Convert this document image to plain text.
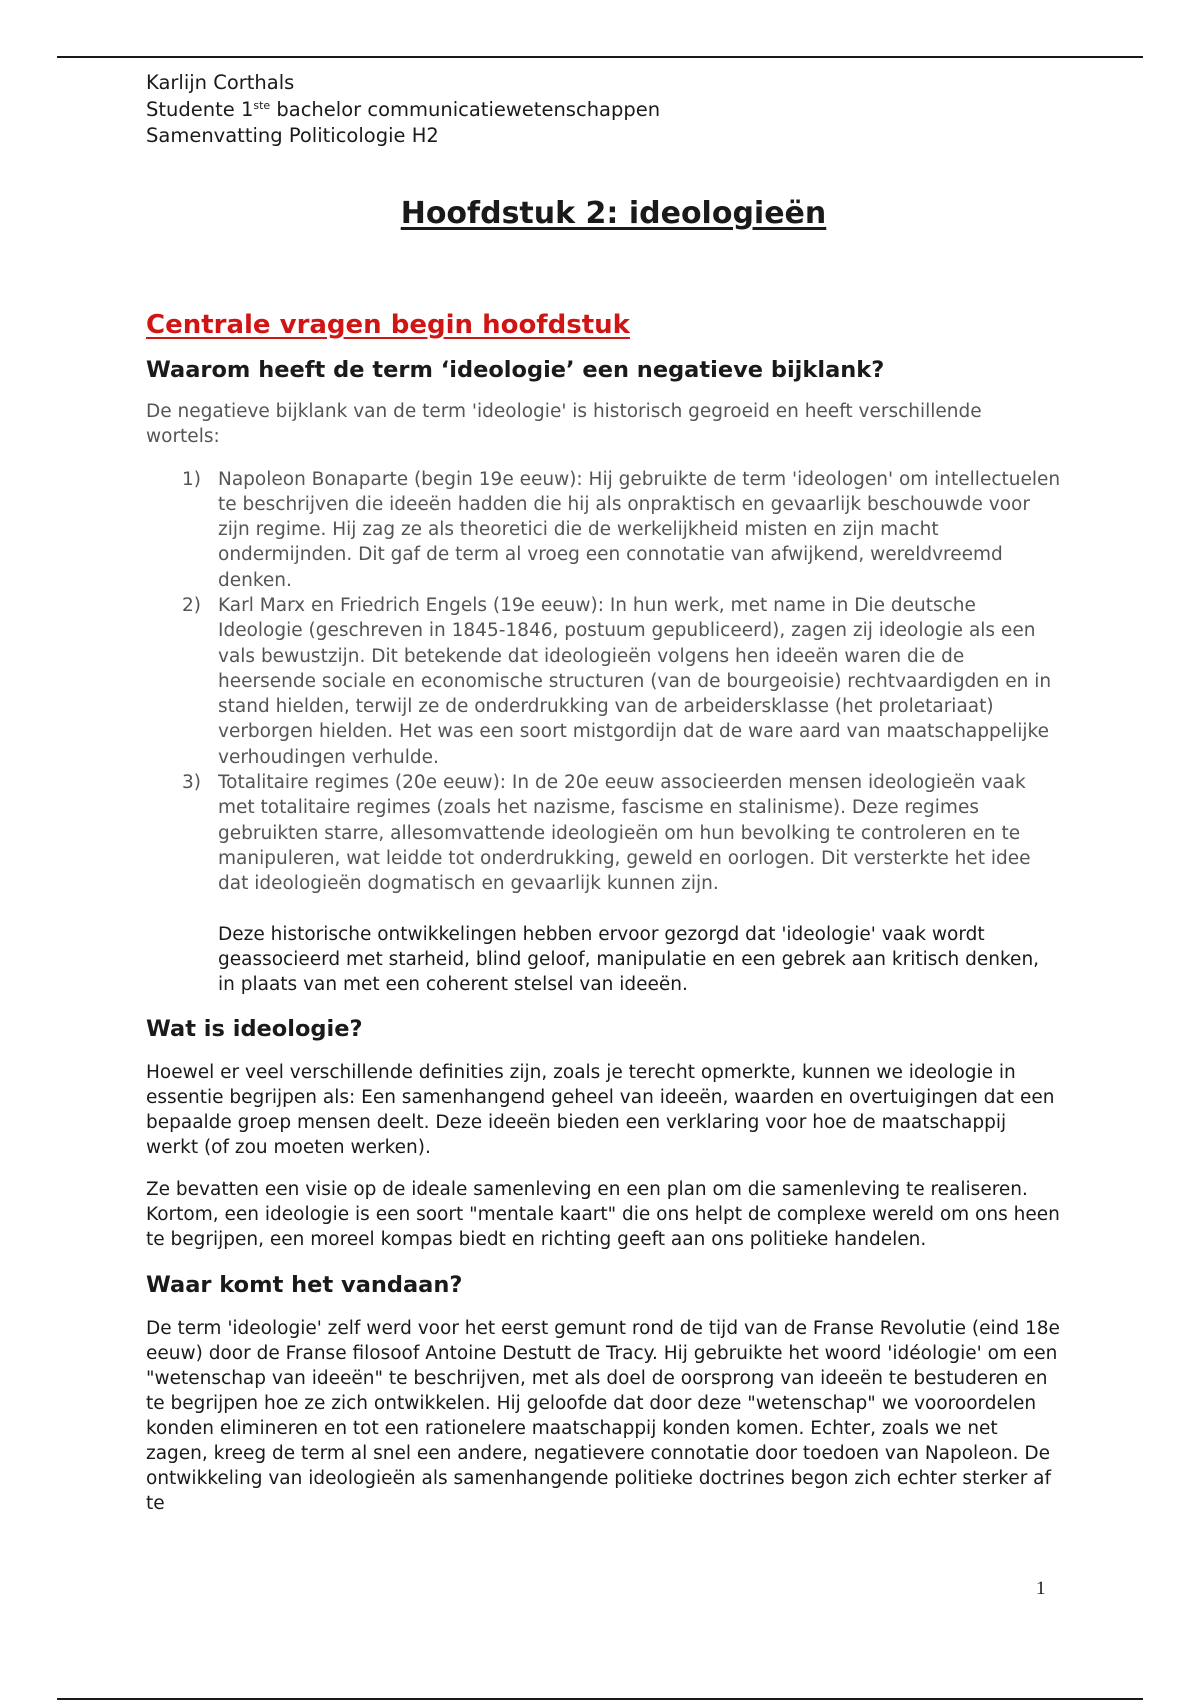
Karlijn Corthals
Studente 1ste bachelor communicatiewetenschappen
Samenvatting Politicologie H2
Hoofdstuk 2: ideologieën
Centrale vragen begin hoofdstuk
Waarom heeft de term ‘ideologie’ een negatieve bijklank?

De negatieve bijklank van de term 'ideologie' is historisch gegroeid en heeft verschillende wortels:

1) Napoleon Bonaparte (begin 19e eeuw): Hij gebruikte de term 'ideologen' om intellectuelen te beschrijven die ideeën hadden die hij als onpraktisch en gevaarlijk beschouwde voor zijn regime. Hij zag ze als theoretici die de werkelijkheid misten en zijn macht ondermijnden. Dit gaf de term al vroeg een connotatie van afwijkend, wereldvreemd denken.
2) Karl Marx en Friedrich Engels (19e eeuw): In hun werk, met name in Die deutsche Ideologie (geschreven in 1845-1846, postuum gepubliceerd), zagen zij ideologie als een vals bewustzijn. Dit betekende dat ideologieën volgens hen ideeën waren die de heersende sociale en economische structuren (van de bourgeoisie) rechtvaardigden en in stand hielden, terwijl ze de onderdrukking van de arbeidersklasse (het proletariaat) verborgen hielden. Het was een soort mistgordijn dat de ware aard van maatschappelijke verhoudingen verhulde.
3) Totalitaire regimes (20e eeuw): In de 20e eeuw associeerden mensen ideologieën vaak met totalitaire regimes (zoals het nazisme, fascisme en stalinisme). Deze regimes gebruikten starre, allesomvattende ideologieën om hun bevolking te controleren en te manipuleren, wat leidde tot onderdrukking, geweld en oorlogen. Dit versterkte het idee dat ideologieën dogmatisch en gevaarlijk kunnen zijn.

Deze historische ontwikkelingen hebben ervoor gezorgd dat 'ideologie' vaak wordt geassocieerd met starheid, blind geloof, manipulatie en een gebrek aan kritisch denken, in plaats van met een coherent stelsel van ideeën.

Wat is ideologie?

Hoewel er veel verschillende definities zijn, zoals je terecht opmerkte, kunnen we ideologie in essentie begrijpen als: Een samenhangend geheel van ideeën, waarden en overtuigingen dat een bepaalde groep mensen deelt. Deze ideeën bieden een verklaring voor hoe de maatschappij werkt (of zou moeten werken).

Ze bevatten een visie op de ideale samenleving en een plan om die samenleving te realiseren. Kortom, een ideologie is een soort "mentale kaart" die ons helpt de complexe wereld om ons heen te begrijpen, een moreel kompas biedt en richting geeft aan ons politieke handelen.

Waar komt het vandaan?

De term 'ideologie' zelf werd voor het eerst gemunt rond de tijd van de Franse Revolutie (eind 18e eeuw) door de Franse filosoof Antoine Destutt de Tracy. Hij gebruikte het woord 'idéologie' om een "wetenschap van ideeën" te beschrijven, met als doel de oorsprong van ideeën te bestuderen en te begrijpen hoe ze zich ontwikkelen. Hij geloofde dat door deze "wetenschap" we vooroordelen konden elimineren en tot een rationelere maatschappij konden komen. Echter, zoals we net zagen, kreeg de term al snel een andere, negatievere connotatie door toedoen van Napoleon. De ontwikkeling van ideologieën als samenhangende politieke doctrines begon zich echter sterker af te

1
